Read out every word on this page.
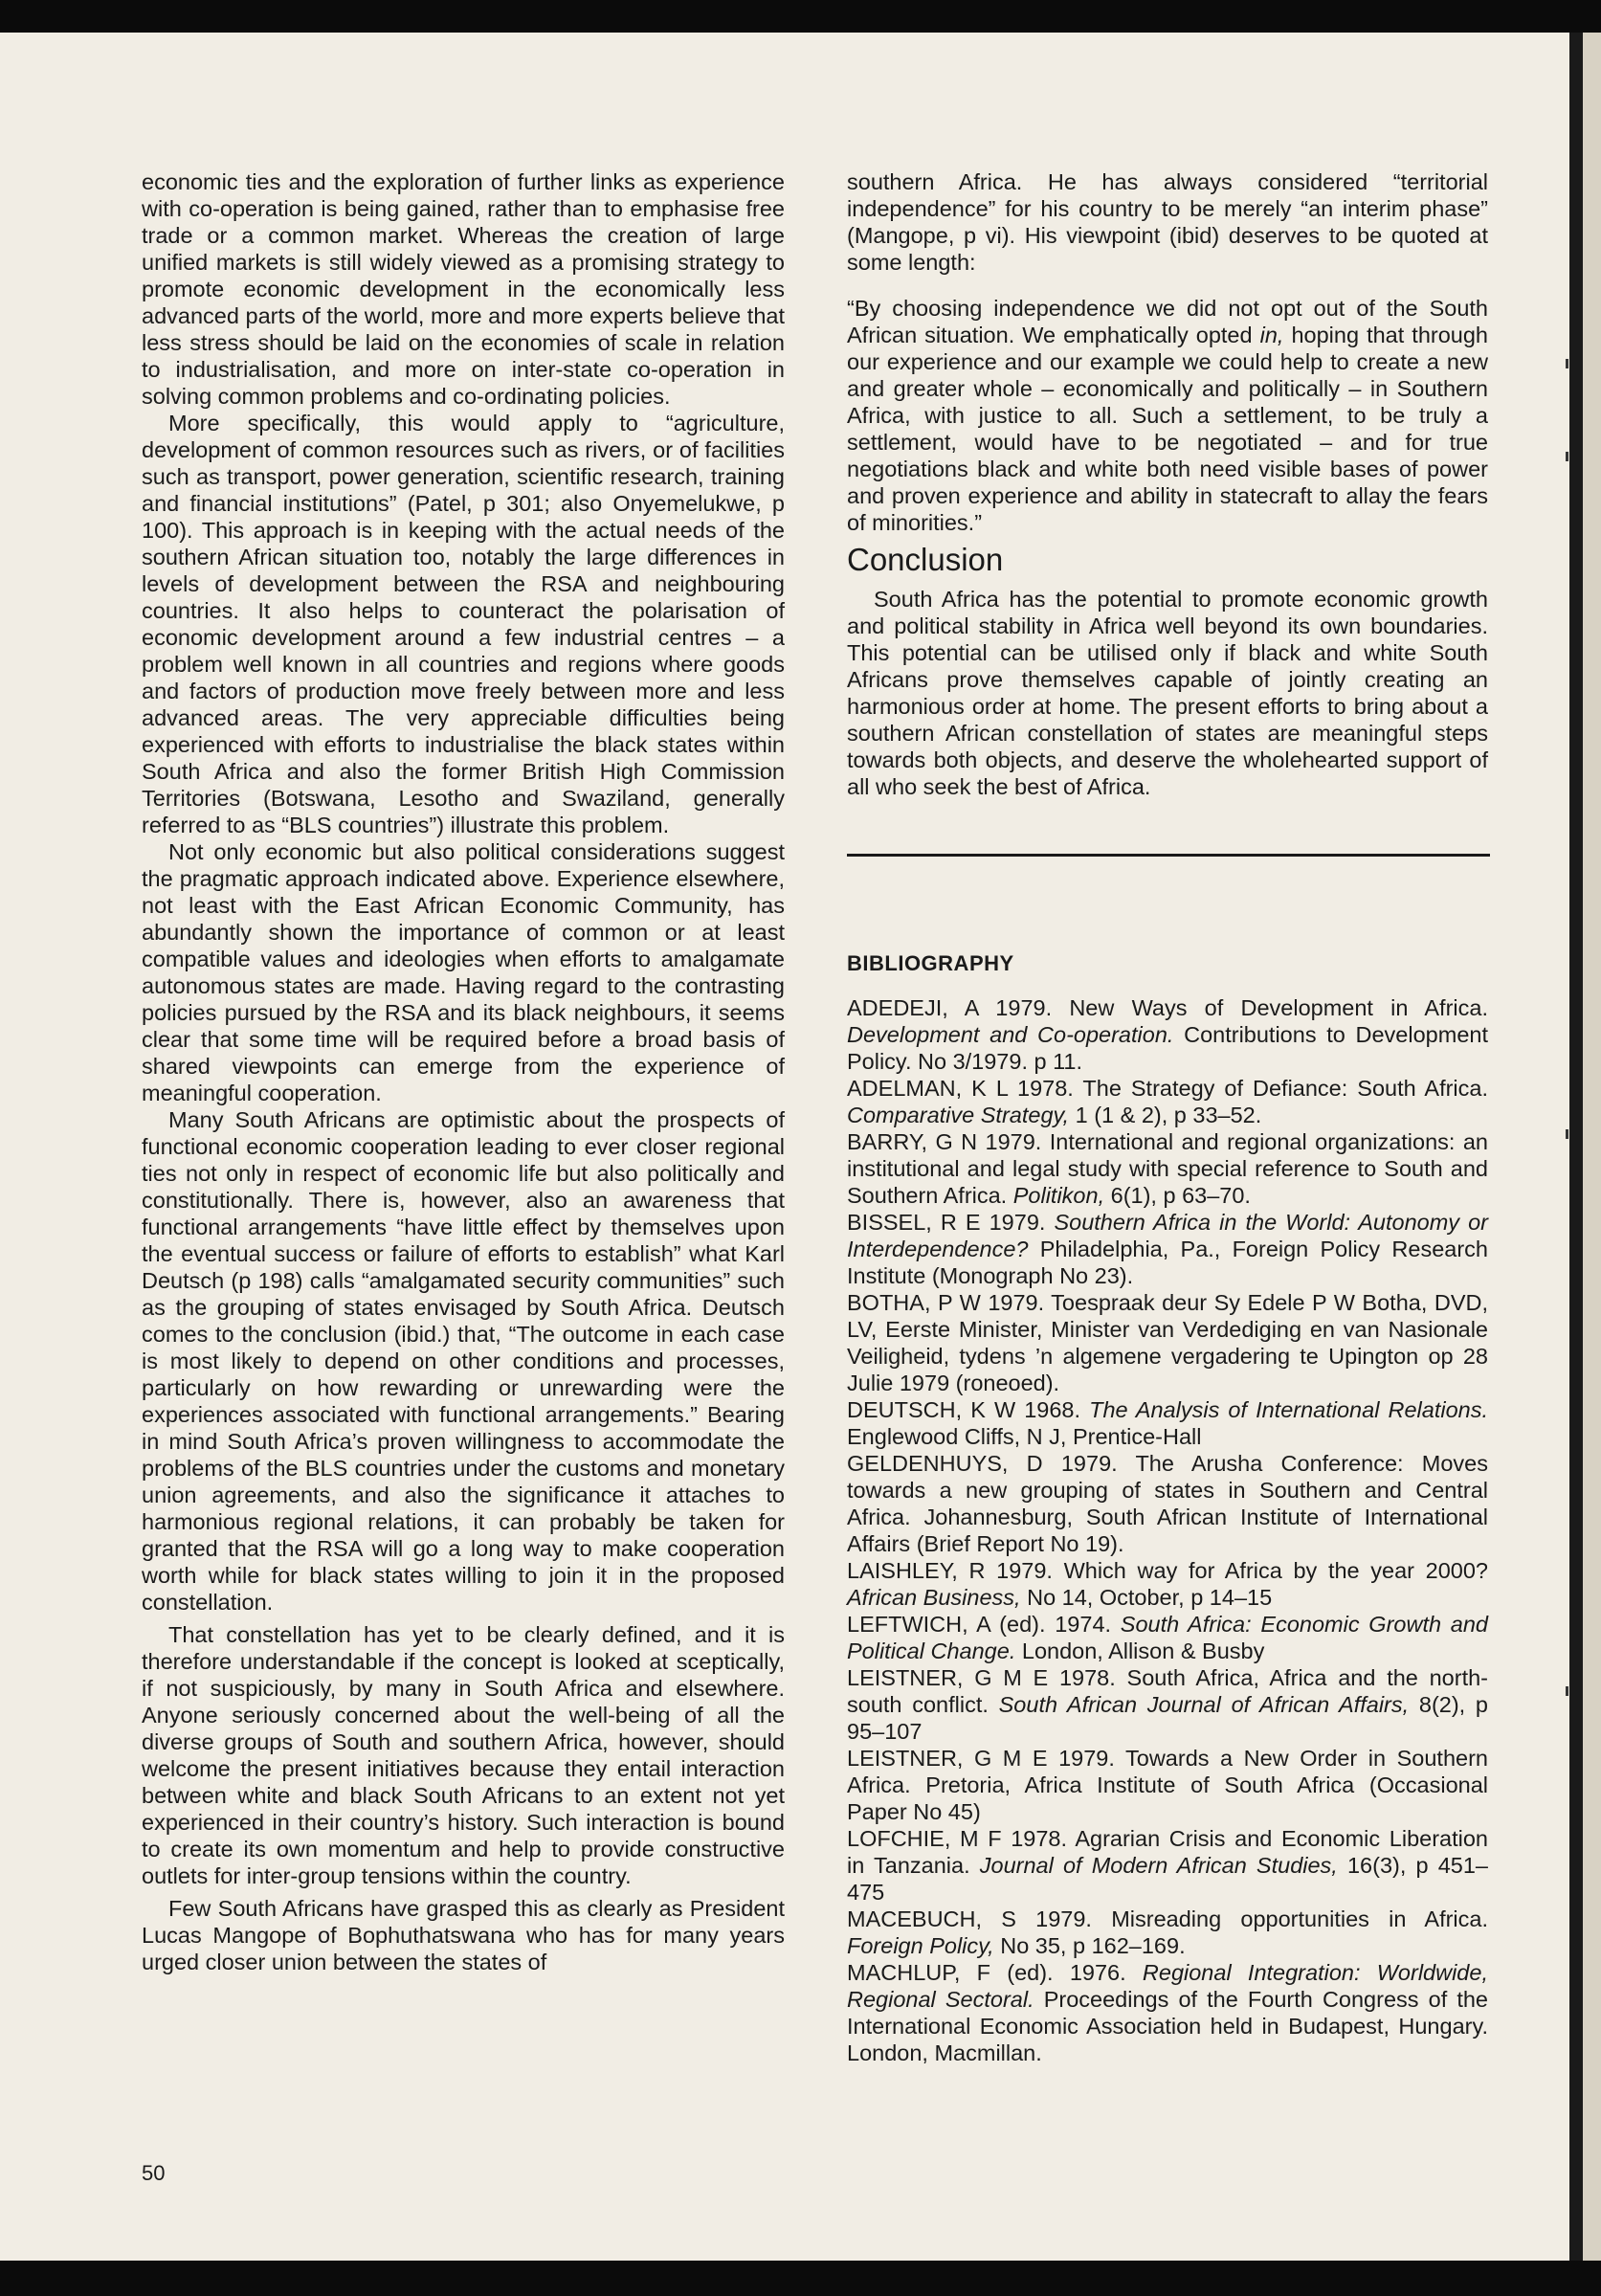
economic ties and the exploration of further links as experience with co-operation is being gained, rather than to emphasise free trade or a common market. Whereas the creation of large unified markets is still widely viewed as a promising strategy to promote economic development in the economically less advanced parts of the world, more and more experts believe that less stress should be laid on the economies of scale in relation to industrialisation, and more on inter-state co-operation in solving common problems and co-ordinating policies.

More specifically, this would apply to “agriculture, development of common resources such as rivers, or of facilities such as transport, power generation, scientific research, training and financial institutions” (Patel, p 301; also Onyemelukwe, p 100). This approach is in keeping with the actual needs of the southern African situation too, notably the large differences in levels of development between the RSA and neighbouring countries. It also helps to counteract the polarisation of economic development around a few industrial centres – a problem well known in all countries and regions where goods and factors of production move freely between more and less advanced areas. The very appreciable difficulties being experienced with efforts to industrialise the black states within South Africa and also the former British High Commission Territories (Botswana, Lesotho and Swaziland, generally referred to as “BLS countries”) illustrate this problem.

Not only economic but also political considerations suggest the pragmatic approach indicated above. Experience elsewhere, not least with the East African Economic Community, has abundantly shown the importance of common or at least compatible values and ideologies when efforts to amalgamate autonomous states are made. Having regard to the contrasting policies pursued by the RSA and its black neighbours, it seems clear that some time will be required before a broad basis of shared viewpoints can emerge from the experience of meaningful cooperation.

Many South Africans are optimistic about the prospects of functional economic cooperation leading to ever closer regional ties not only in respect of economic life but also politically and constitutionally. There is, however, also an awareness that functional arrangements “have little effect by themselves upon the eventual success or failure of efforts to establish” what Karl Deutsch (p 198) calls “amalgamated security communities” such as the grouping of states envisaged by South Africa. Deutsch comes to the conclusion (ibid.) that, “The outcome in each case is most likely to depend on other conditions and processes, particularly on how rewarding or unrewarding were the experiences associated with functional arrangements.” Bearing in mind South Africa’s proven willingness to accommodate the problems of the BLS countries under the customs and monetary union agreements, and also the significance it attaches to harmonious regional relations, it can probably be taken for granted that the RSA will go a long way to make cooperation worth while for black states willing to join it in the proposed constellation.

That constellation has yet to be clearly defined, and it is therefore understandable if the concept is looked at sceptically, if not suspiciously, by many in South Africa and elsewhere. Anyone seriously concerned about the well-being of all the diverse groups of South and southern Africa, however, should welcome the present initiatives because they entail interaction between white and black South Africans to an extent not yet experienced in their country’s history. Such interaction is bound to create its own momentum and help to provide constructive outlets for inter-group tensions within the country.

Few South Africans have grasped this as clearly as President Lucas Mangope of Bophuthatswana who has for many years urged closer union between the states of

southern Africa. He has always considered “territorial independence” for his country to be merely “an interim phase” (Mangope, p vi). His viewpoint (ibid) deserves to be quoted at some length:

“By choosing independence we did not opt out of the South African situation. We emphatically opted in, hoping that through our experience and our example we could help to create a new and greater whole – economically and politically – in Southern Africa, with justice to all. Such a settlement, to be truly a settlement, would have to be negotiated – and for true negotiations black and white both need visible bases of power and proven experience and ability in statecraft to allay the fears of minorities.”

Conclusion

South Africa has the potential to promote economic growth and political stability in Africa well beyond its own boundaries. This potential can be utilised only if black and white South Africans prove themselves capable of jointly creating an harmonious order at home. The present efforts to bring about a southern African constellation of states are meaningful steps towards both objects, and deserve the wholehearted support of all who seek the best of Africa.

BIBLIOGRAPHY

ADEDEJI, A 1979. New Ways of Development in Africa. Development and Co-operation. Contributions to Development Policy. No 3/1979. p 11.

ADELMAN, K L 1978. The Strategy of Defiance: South Africa. Comparative Strategy, 1 (1 & 2), p 33–52.

BARRY, G N 1979. International and regional organizations: an institutional and legal study with special reference to South and Southern Africa. Politikon, 6(1), p 63–70.

BISSEL, R E 1979. Southern Africa in the World: Autonomy or Interdependence? Philadelphia, Pa., Foreign Policy Research Institute (Monograph No 23).

BOTHA, P W 1979. Toespraak deur Sy Edele P W Botha, DVD, LV, Eerste Minister, Minister van Verdediging en van Nasionale Veiligheid, tydens ’n algemene vergadering te Upington op 28 Julie 1979 (roneoed).

DEUTSCH, K W 1968. The Analysis of International Relations. Englewood Cliffs, N J, Prentice-Hall

GELDENHUYS, D 1979. The Arusha Conference: Moves towards a new grouping of states in Southern and Central Africa. Johannesburg, South African Institute of International Affairs (Brief Report No 19).

LAISHLEY, R 1979. Which way for Africa by the year 2000? African Business, No 14, October, p 14–15

LEFTWICH, A (ed). 1974. South Africa: Economic Growth and Political Change. London, Allison & Busby

LEISTNER, G M E 1978. South Africa, Africa and the north-south conflict. South African Journal of African Affairs, 8(2), p 95–107

LEISTNER, G M E 1979. Towards a New Order in Southern Africa. Pretoria, Africa Institute of South Africa (Occasional Paper No 45)

LOFCHIE, M F 1978. Agrarian Crisis and Economic Liberation in Tanzania. Journal of Modern African Studies, 16(3), p 451–475

MACEBUCH, S 1979. Misreading opportunities in Africa. Foreign Policy, No 35, p 162–169.

MACHLUP, F (ed). 1976. Regional Integration: Worldwide, Regional Sectoral. Proceedings of the Fourth Congress of the International Economic Association held in Budapest, Hungary. London, Macmillan.

50
